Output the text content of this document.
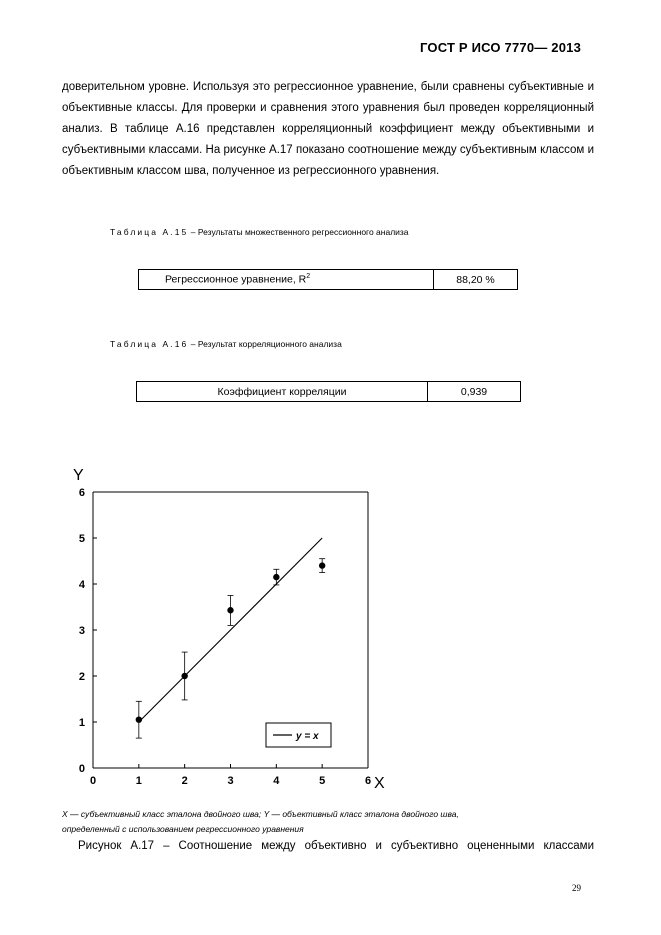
ГОСТ Р ИСО 7770— 2013
доверительном уровне. Используя это регрессионное уравнение, были сравнены субъективные и объективные классы. Для проверки и сравнения этого уравнения был проведен корреляционный анализ. В таблице А.16 представлен корреляционный коэффициент между объективными и субъективными классами. На рисунке А.17 показано соотношение между субъективным классом и объективным классом шва, полученное из регрессионного уравнения.
Таблица А.15 – Результаты множественного регрессионного анализа
Регрессионное уравнение, $R^2$	88,20 %
Таблица А.16 – Результат корреляционного анализа
Коэффициент корреляции	0,939
0	1	2	3	4	5	6
0
1
2
3
4
5
6
X
Y
y = x
X — субъективный класс эталона двойного шва; Y — объективный класс эталона двойного шва,
определенный с использованием регрессионного уравнения
Рисунок А.17 – Соотношение между объективно и субъективно оцененными классами
29
